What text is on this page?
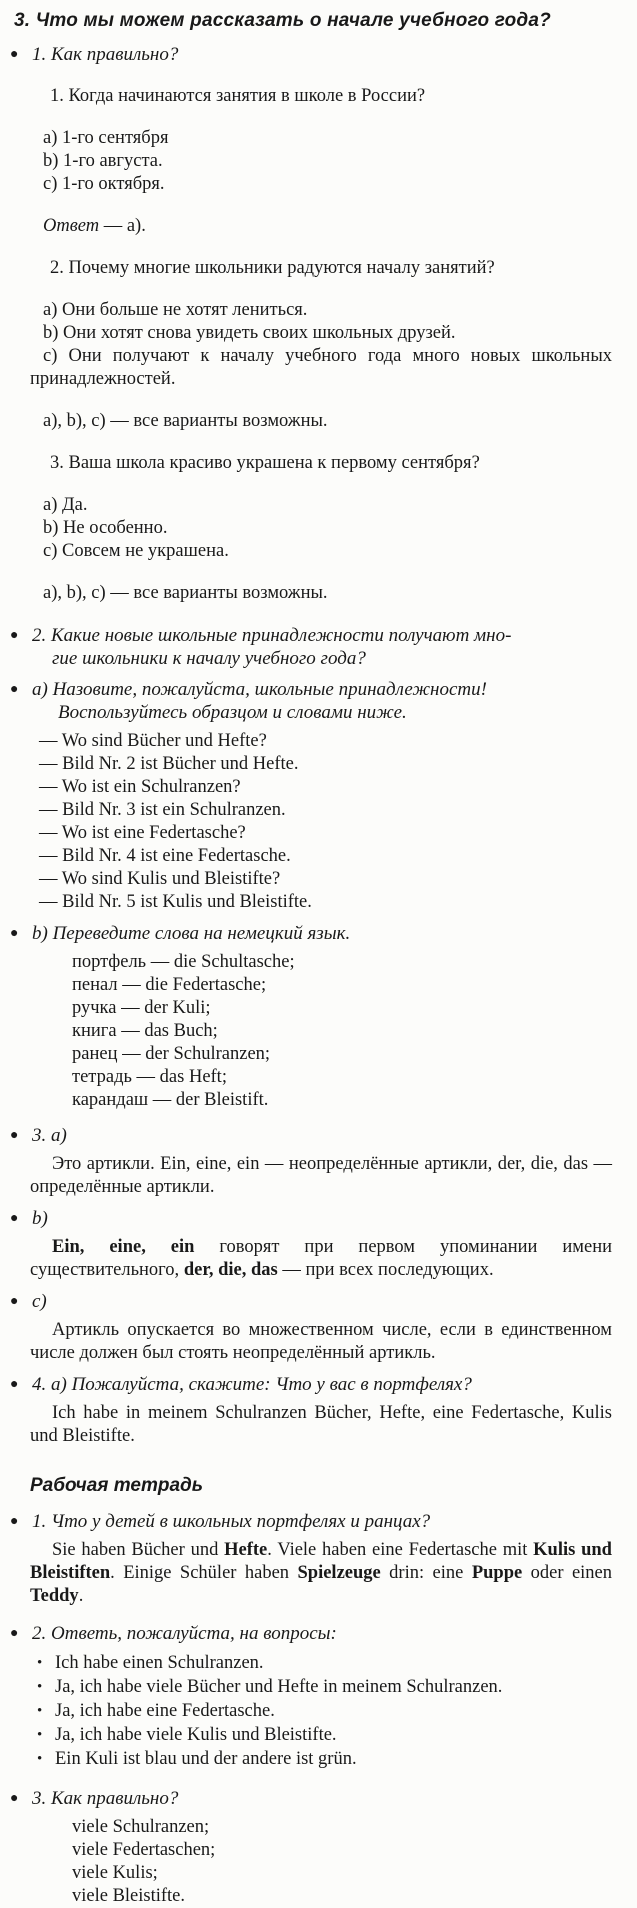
3. Что мы можем рассказать о начале учебного года?
● 1. Как правильно?
1. Когда начинаются занятия в школе в России?
a) 1-го сентября
b) 1-го августа.
c) 1-го октября.
Ответ — a).
2. Почему многие школьники радуются началу занятий?
a) Они больше не хотят лениться.
b) Они хотят снова увидеть своих школьных друзей.
c) Они получают к началу учебного года много новых школьных принадлежностей.
a), b), c) — все варианты возможны.
3. Ваша школа красиво украшена к первому сентября?
a) Да.
b) Не особенно.
c) Совсем не украшена.
a), b), c) — все варианты возможны.
● 2. Какие новые школьные принадлежности получают мно-
гие школьники к началу учебного года?
● a) Назовите, пожалуйста, школьные принадлежности!
Воспользуйтесь образцом и словами ниже.
— Wo sind Bücher und Hefte?
— Bild Nr. 2 ist Bücher und Hefte.
— Wo ist ein Schulranzen?
— Bild Nr. 3 ist ein Schulranzen.
— Wo ist eine Federtasche?
— Bild Nr. 4 ist eine Federtasche.
— Wo sind Kulis und Bleistifte?
— Bild Nr. 5 ist Kulis und Bleistifte.
● b) Переведите слова на немецкий язык.
портфель — die Schultasche;
пенал — die Federtasche;
ручка — der Kuli;
книга — das Buch;
ранец — der Schulranzen;
тетрадь — das Heft;
карандаш — der Bleistift.
● 3. a)
Это артикли. Ein, eine, ein — неопределённые артикли, der, die, das — определённые артикли.
● b)
Ein, eine, ein говорят при первом упоминании имени существительного, der, die, das — при всех последующих.
● c)
Артикль опускается во множественном числе, если в единственном числе должен был стоять неопределённый артикль.
● 4. a) Пожалуйста, скажите: Что у вас в портфелях?
Ich habe in meinem Schulranzen Bücher, Hefte, eine Federtasche, Kulis und Bleistifte.
Рабочая тетрадь
● 1. Что у детей в школьных портфелях и ранцах?
Sie haben Bücher und Hefte. Viele haben eine Federtasche mit Kulis und Bleistiften. Einige Schüler haben Spielzeuge drin: eine Puppe oder einen Teddy.
● 2. Ответь, пожалуйста, на вопросы:
• Ich habe einen Schulranzen.
• Ja, ich habe viele Bücher und Hefte in meinem Schulranzen.
• Ja, ich habe eine Federtasche.
• Ja, ich habe viele Kulis und Bleistifte.
• Ein Kuli ist blau und der andere ist grün.
● 3. Как правильно?
viele Schulranzen;
viele Federtaschen;
viele Kulis;
viele Bleistifte.
